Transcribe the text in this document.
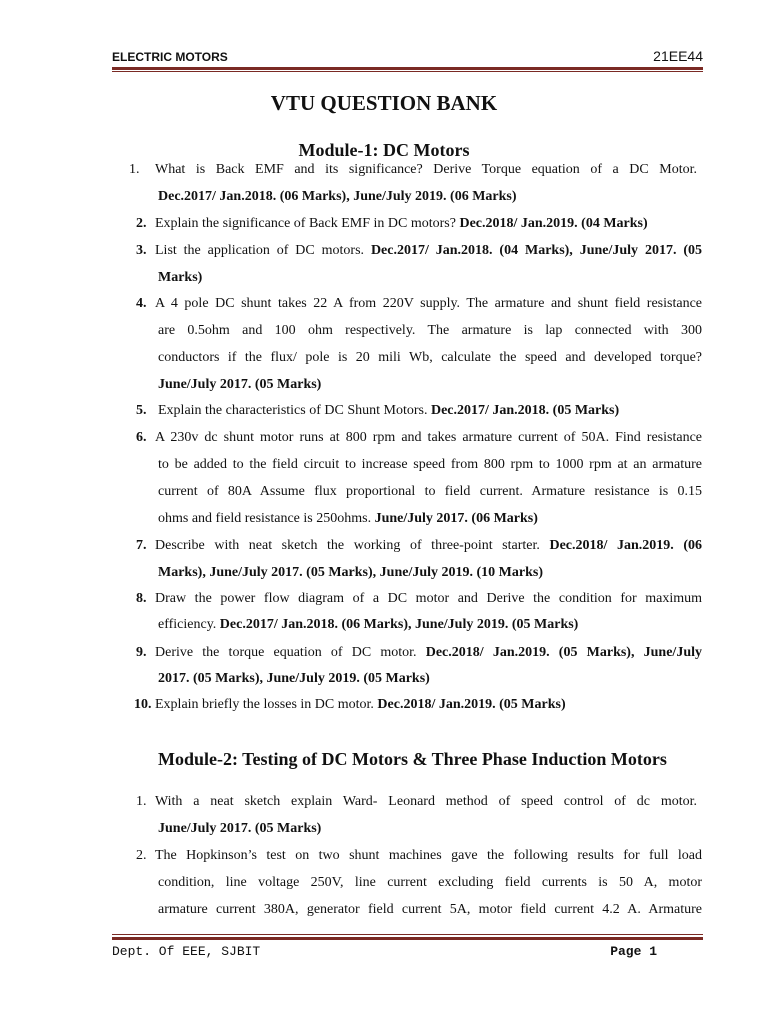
ELECTRIC MOTORS	21EE44
VTU QUESTION BANK
Module-1: DC Motors
1. What is Back EMF and its significance? Derive Torque equation of a DC Motor.
Dec.2017/ Jan.2018. (06 Marks), June/July 2019. (06 Marks)
2. Explain the significance of Back EMF in DC motors? Dec.2018/ Jan.2019. (04 Marks)
3. List the application of DC motors. Dec.2017/ Jan.2018. (04 Marks), June/July 2017. (05
Marks)
4. A 4 pole DC shunt takes 22 A from 220V supply. The armature and shunt field resistance
are 0.5ohm and 100 ohm respectively. The armature is lap connected with 300
conductors if the flux/ pole is 20 mili Wb, calculate the speed and developed torque?
June/July 2017. (05 Marks)
5. Explain the characteristics of DC Shunt Motors. Dec.2017/ Jan.2018. (05 Marks)
6. A 230v dc shunt motor runs at 800 rpm and takes armature current of 50A. Find resistance
to be added to the field circuit to increase speed from 800 rpm to 1000 rpm at an armature
current of 80A Assume flux proportional to field current. Armature resistance is 0.15
ohms and field resistance is 250ohms. June/July 2017. (06 Marks)
7. Describe with neat sketch the working of three-point starter. Dec.2018/ Jan.2019. (06
Marks), June/July 2017. (05 Marks), June/July 2019. (10 Marks)
8. Draw the power flow diagram of a DC motor and Derive the condition for maximum
efficiency. Dec.2017/ Jan.2018. (06 Marks), June/July 2019. (05 Marks)
9. Derive the torque equation of DC motor. Dec.2018/ Jan.2019. (05 Marks), June/July
2017. (05 Marks), June/July 2019. (05 Marks)
10. Explain briefly the losses in DC motor. Dec.2018/ Jan.2019. (05 Marks)
Module-2: Testing of DC Motors & Three Phase Induction Motors
1. With a neat sketch explain Ward- Leonard method of speed control of dc motor.
June/July 2017. (05 Marks)
2. The Hopkinson’s test on two shunt machines gave the following results for full load
condition, line voltage 250V, line current excluding field currents is 50 A, motor
armature current 380A, generator field current 5A, motor field current 4.2 A. Armature
Dept. Of EEE, SJBIT	Page 1
